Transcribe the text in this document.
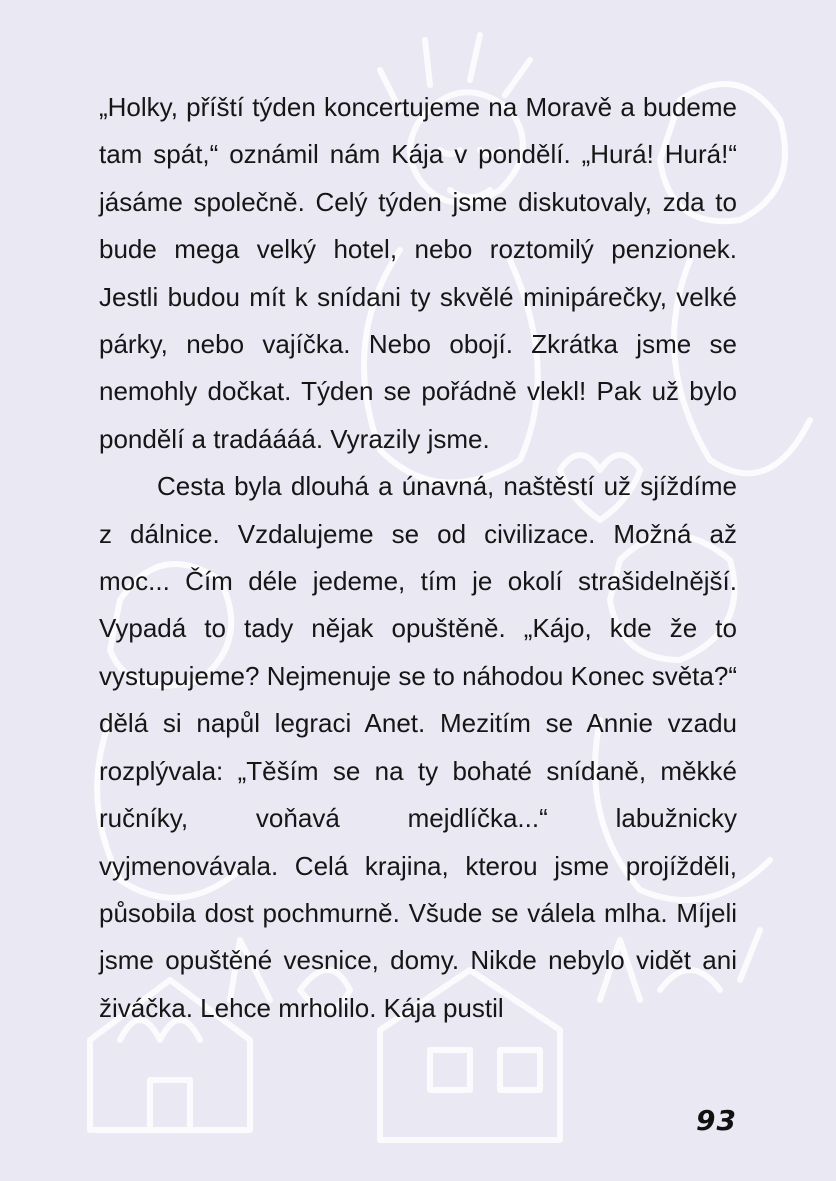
„Holky, příští týden koncertujeme na Moravě a budeme tam spát,“ oznámil nám Kája v pondělí. „Hurá! Hurá!“ jásáme společně. Celý týden jsme diskutovaly, zda to bude mega velký hotel, nebo roztomilý penzionek. Jestli budou mít k snídani ty skvělé minipárečky, velké párky, nebo vajíčka. Nebo obojí. Zkrátka jsme se nemohly dočkat. Týden se pořádně vlekl! Pak už bylo pondělí a tradáááá. Vyrazily jsme.

Cesta byla dlouhá a únavná, naštěstí už sjíždíme z dálnice. Vzdalujeme se od civilizace. Možná až moc... Čím déle jedeme, tím je okolí strašidelnější. Vypadá to tady nějak opuštěně. „Kájo, kde že to vystupujeme? Nejmenuje se to náhodou Konec světa?“ dělá si napůl legraci Anet. Mezitím se Annie vzadu rozplývala: „Těším se na ty bohaté snídaně, měkké ručníky, voňavá mejdlíčka...“ labužnicky vyjmenovávala. Celá krajina, kterou jsme projížděli, působila dost pochmurně. Všude se válela mlha. Míjeli jsme opuštěné vesnice, domy. Nikde nebylo vidět ani živáčka. Lehce mrholilo. Kája pustil

93
